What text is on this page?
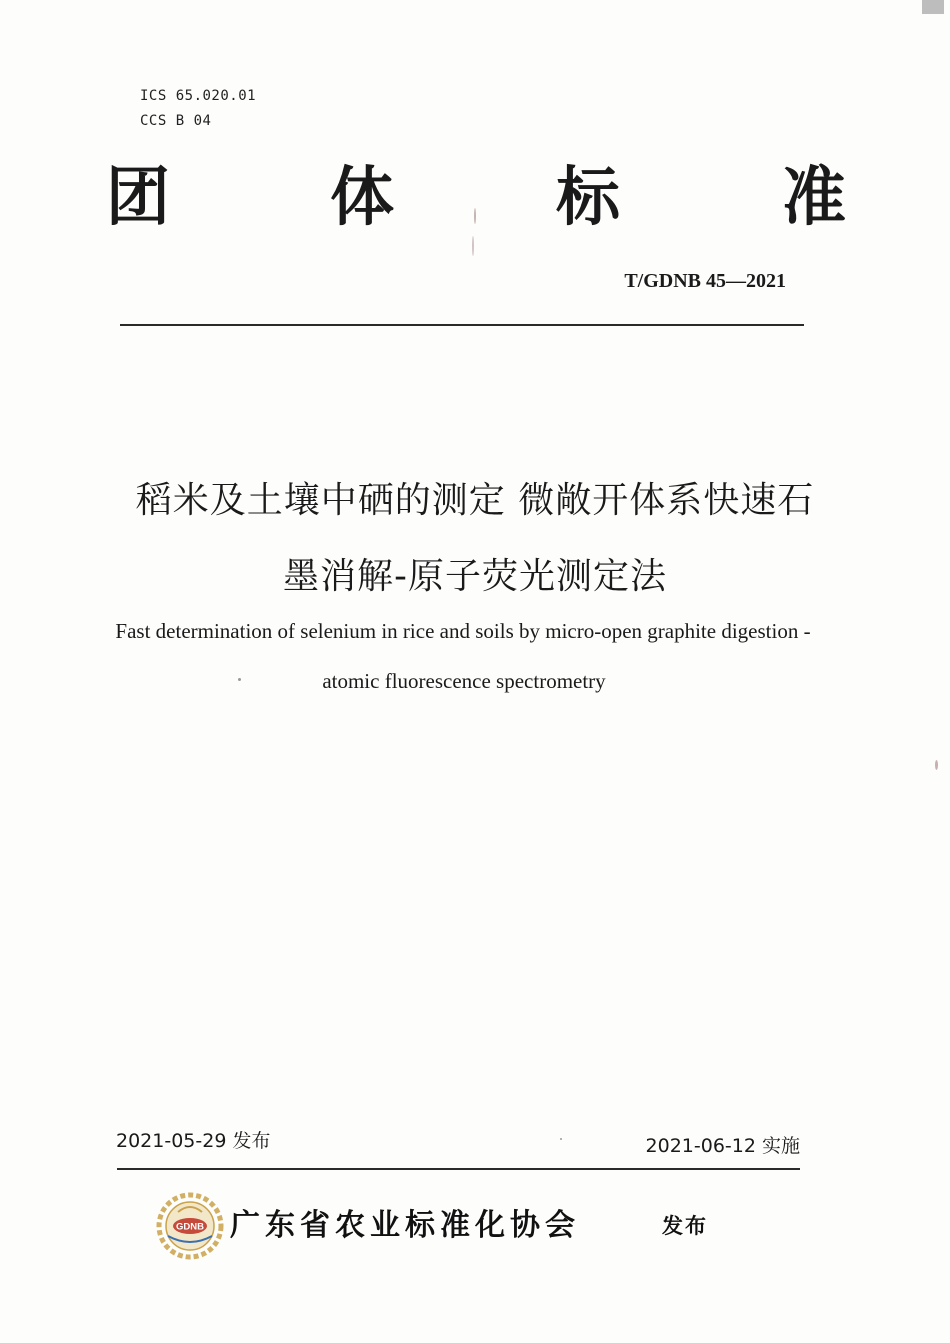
ICS 65.020.01
CCS B 04
团	体	标	准
T/GDNB 45—2021
稻米及土壤中硒的测定 微敞开体系快速石
墨消解-原子荧光测定法
Fast determination of selenium in rice and soils by micro-open graphite digestion -
atomic fluorescence spectrometry
2021-05-29 发布	2021-06-12 实施
GDNB 广东省农业标准化协会	发布
